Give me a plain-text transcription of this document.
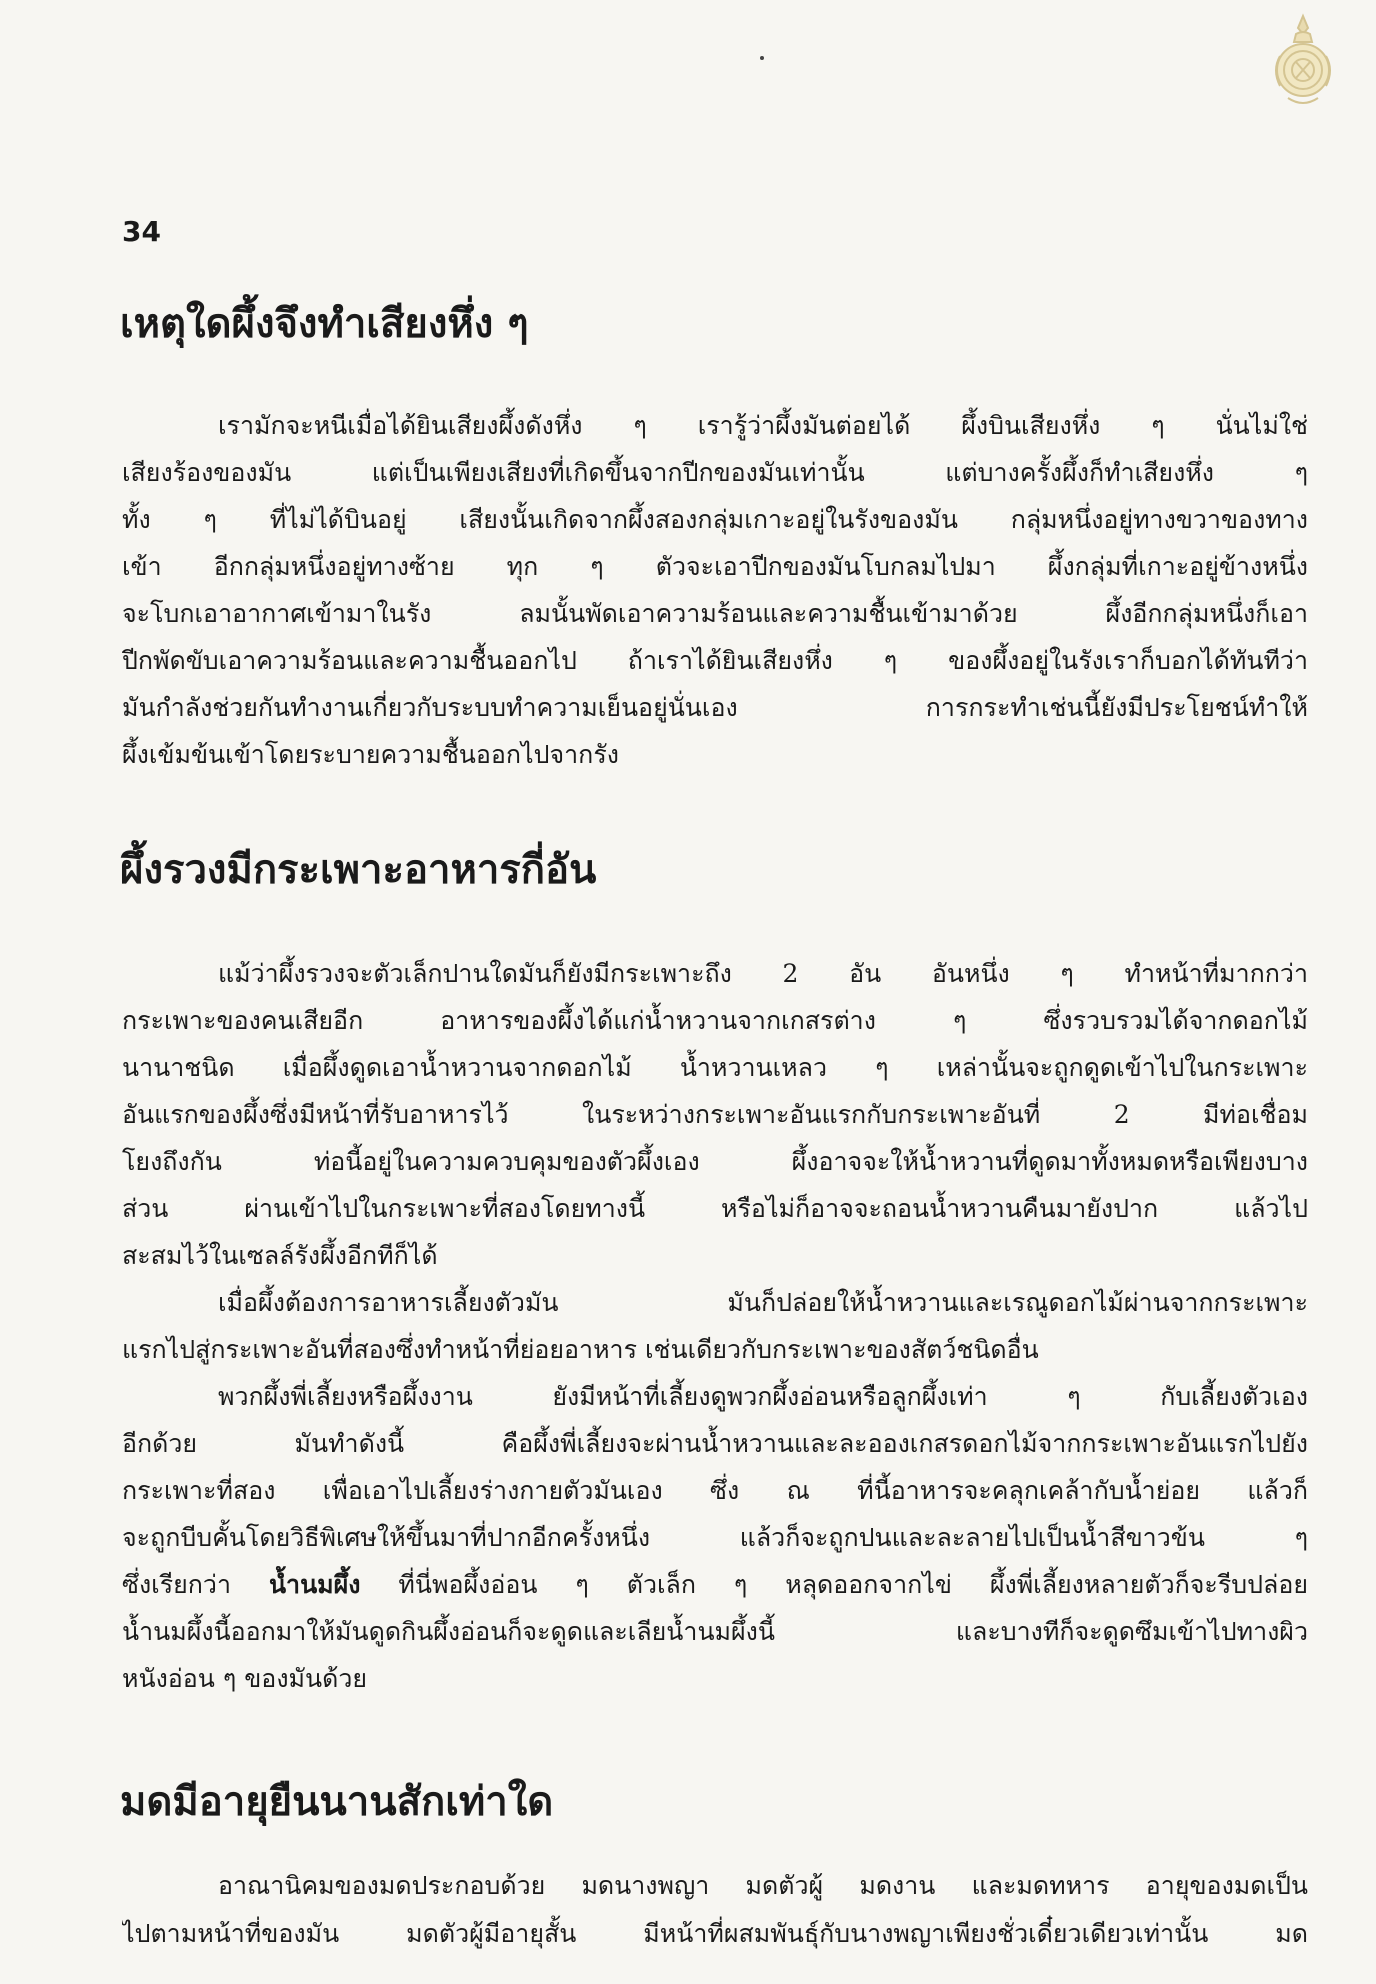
34
เหตุใดผึ้งจึงทำเสียงหึ่ง ๆ
เรามักจะหนีเมื่อได้ยินเสียงผึ้งดังหึ่ง ๆ เรารู้ว่าผึ้งมันต่อยได้ ผึ้งบินเสียงหึ่ง ๆ นั่นไม่ใช่
เสียงร้องของมัน แต่เป็นเพียงเสียงที่เกิดขึ้นจากปีกของมันเท่านั้น แต่บางครั้งผึ้งก็ทำเสียงหึ่ง ๆ
ทั้ง ๆ ที่ไม่ได้บินอยู่ เสียงนั้นเกิดจากผึ้งสองกลุ่มเกาะอยู่ในรังของมัน กลุ่มหนึ่งอยู่ทางขวาของทาง
เข้า อีกกลุ่มหนึ่งอยู่ทางซ้าย ทุก ๆ ตัวจะเอาปีกของมันโบกลมไปมา ผึ้งกลุ่มที่เกาะอยู่ข้างหนึ่ง
จะโบกเอาอากาศเข้ามาในรัง ลมนั้นพัดเอาความร้อนและความชื้นเข้ามาด้วย ผึ้งอีกกลุ่มหนึ่งก็เอา
ปีกพัดขับเอาความร้อนและความชื้นออกไป ถ้าเราได้ยินเสียงหึ่ง ๆ ของผึ้งอยู่ในรังเราก็บอกได้ทันทีว่า
มันกำลังช่วยกันทำงานเกี่ยวกับระบบทำความเย็นอยู่นั่นเอง การกระทำเช่นนี้ยังมีประโยชน์ทำให้
ผึ้งเข้มข้นเข้าโดยระบายความชื้นออกไปจากรัง
ผึ้งรวงมีกระเพาะอาหารกี่อัน
แม้ว่าผึ้งรวงจะตัวเล็กปานใดมันก็ยังมีกระเพาะถึง 2 อัน อันหนึ่ง ๆ ทำหน้าที่มากกว่า
กระเพาะของคนเสียอีก อาหารของผึ้งได้แก่น้ำหวานจากเกสรต่าง ๆ ซึ่งรวบรวมได้จากดอกไม้
นานาชนิด เมื่อผึ้งดูดเอาน้ำหวานจากดอกไม้ น้ำหวานเหลว ๆ เหล่านั้นจะถูกดูดเข้าไปในกระเพาะ
อันแรกของผึ้งซึ่งมีหน้าที่รับอาหารไว้ ในระหว่างกระเพาะอันแรกกับกระเพาะอันที่ 2 มีท่อเชื่อม
โยงถึงกัน ท่อนี้อยู่ในความควบคุมของตัวผึ้งเอง ผึ้งอาจจะให้น้ำหวานที่ดูดมาทั้งหมดหรือเพียงบาง
ส่วน ผ่านเข้าไปในกระเพาะที่สองโดยทางนี้ หรือไม่ก็อาจจะถอนน้ำหวานคืนมายังปาก แล้วไป
สะสมไว้ในเซลล์รังผึ้งอีกทีก็ได้
เมื่อผึ้งต้องการอาหารเลี้ยงตัวมัน มันก็ปล่อยให้น้ำหวานและเรณูดอกไม้ผ่านจากกระเพาะ
แรกไปสู่กระเพาะอันที่สองซึ่งทำหน้าที่ย่อยอาหาร เช่นเดียวกับกระเพาะของสัตว์ชนิดอื่น
พวกผึ้งพี่เลี้ยงหรือผึ้งงาน ยังมีหน้าที่เลี้ยงดูพวกผึ้งอ่อนหรือลูกผึ้งเท่า ๆ กับเลี้ยงตัวเอง
อีกด้วย มันทำดังนี้ คือผึ้งพี่เลี้ยงจะผ่านน้ำหวานและละอองเกสรดอกไม้จากกระเพาะอันแรกไปยัง
กระเพาะที่สอง เพื่อเอาไปเลี้ยงร่างกายตัวมันเอง ซึ่ง ณ ที่นี้อาหารจะคลุกเคล้ากับน้ำย่อย แล้วก็
จะถูกบีบคั้นโดยวิธีพิเศษให้ขึ้นมาที่ปากอีกครั้งหนึ่ง แล้วก็จะถูกปนและละลายไปเป็นน้ำสีขาวข้น ๆ
ซึ่งเรียกว่า น้ำนมผึ้ง ที่นี่พอผึ้งอ่อน ๆ ตัวเล็ก ๆ หลุดออกจากไข่ ผึ้งพี่เลี้ยงหลายตัวก็จะรีบปล่อย
น้ำนมผึ้งนี้ออกมาให้มันดูดกินผึ้งอ่อนก็จะดูดและเลียน้ำนมผึ้งนี้ และบางทีก็จะดูดซึมเข้าไปทางผิว
หนังอ่อน ๆ ของมันด้วย
มดมีอายุยืนนานสักเท่าใด
อาณานิคมของมดประกอบด้วย มดนางพญา มดตัวผู้ มดงาน และมดทหาร อายุของมดเป็น
ไปตามหน้าที่ของมัน มดตัวผู้มีอายุสั้น มีหน้าที่ผสมพันธุ์กับนางพญาเพียงชั่วเดี๋ยวเดียวเท่านั้น มด
